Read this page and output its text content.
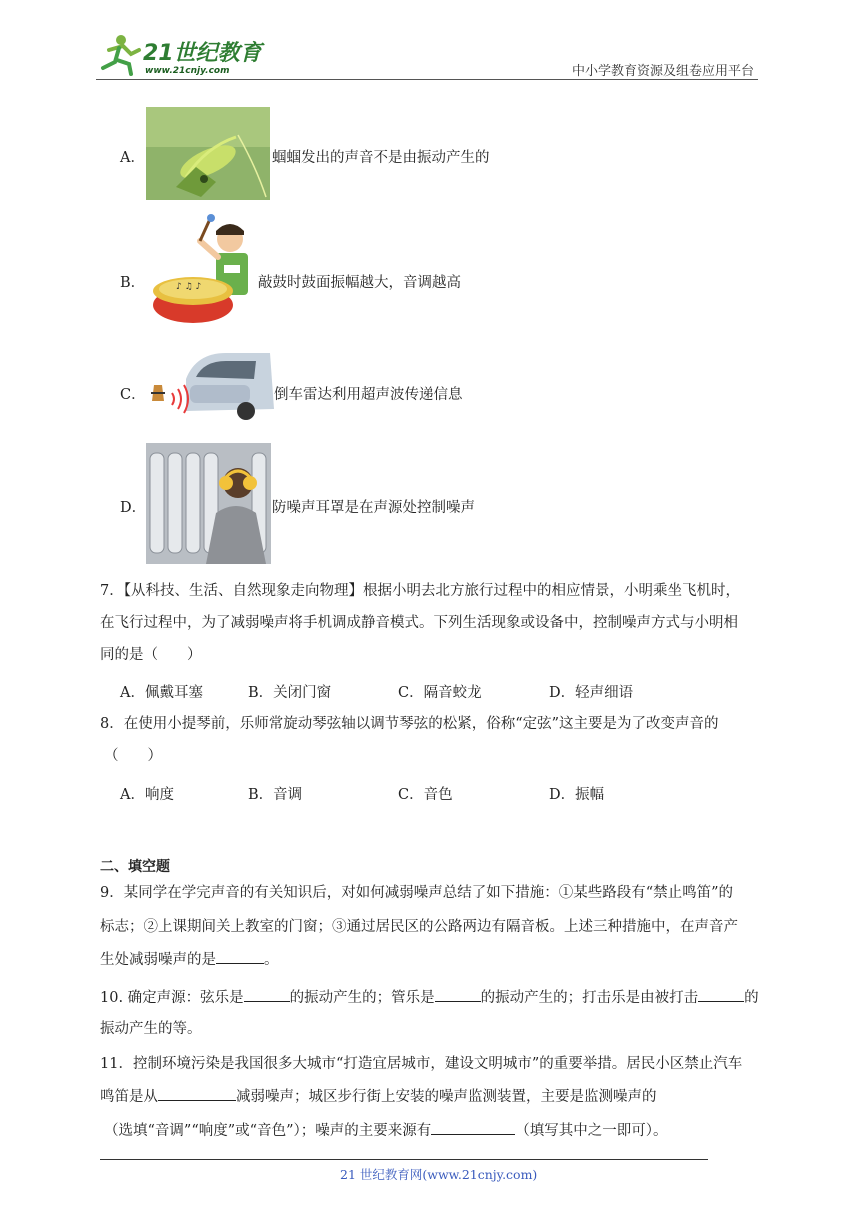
21世纪教育
www.21cnjy.com	中小学教育资源及组卷应用平台
A．	蝈蝈发出的声音不是由振动产生的
B．	♪ ♫ ♪	敲鼓时鼓面振幅越大，音调越高
C．	倒车雷达利用超声波传递信息
D．	防噪声耳罩是在声源处控制噪声
7．【从科技、生活、自然现象走向物理】根据小明去北方旅行过程中的相应情景，小明乘坐飞机时，
在飞行过程中，为了减弱噪声将手机调成静音模式。下列生活现象或设备中，控制噪声方式与小明相
同的是（　　）
A．佩戴耳塞	B．关闭门窗	C．隔音蛟龙	D．轻声细语
8．在使用小提琴前，乐师常旋动琴弦轴以调节琴弦的松紧，俗称“定弦”这主要是为了改变声音的
（　　）
A．响度	B．音调	C．音色	D．振幅
二、填空题
9．某同学在学完声音的有关知识后，对如何减弱噪声总结了如下措施：①某些路段有“禁止鸣笛”的
标志；②上课期间关上教室的门窗；③通过居民区的公路两边有隔音板。上述三种措施中，在声音产
生处减弱噪声的是	。
10. 确定声源：弦乐是	的振动产生的；管乐是	的振动产生的；打击乐是由被打击	的
振动产生的等。
11．控制环境污染是我国很多大城市“打造宜居城市，建设文明城市”的重要举措。居民小区禁止汽车
鸣笛是从	减弱噪声；城区步行街上安装的噪声监测装置，主要是监测噪声的
（选填“音调”“响度”或“音色”）；噪声的主要来源有	（填写其中之一即可）。
21 世纪教育网(www.21cnjy.com)
